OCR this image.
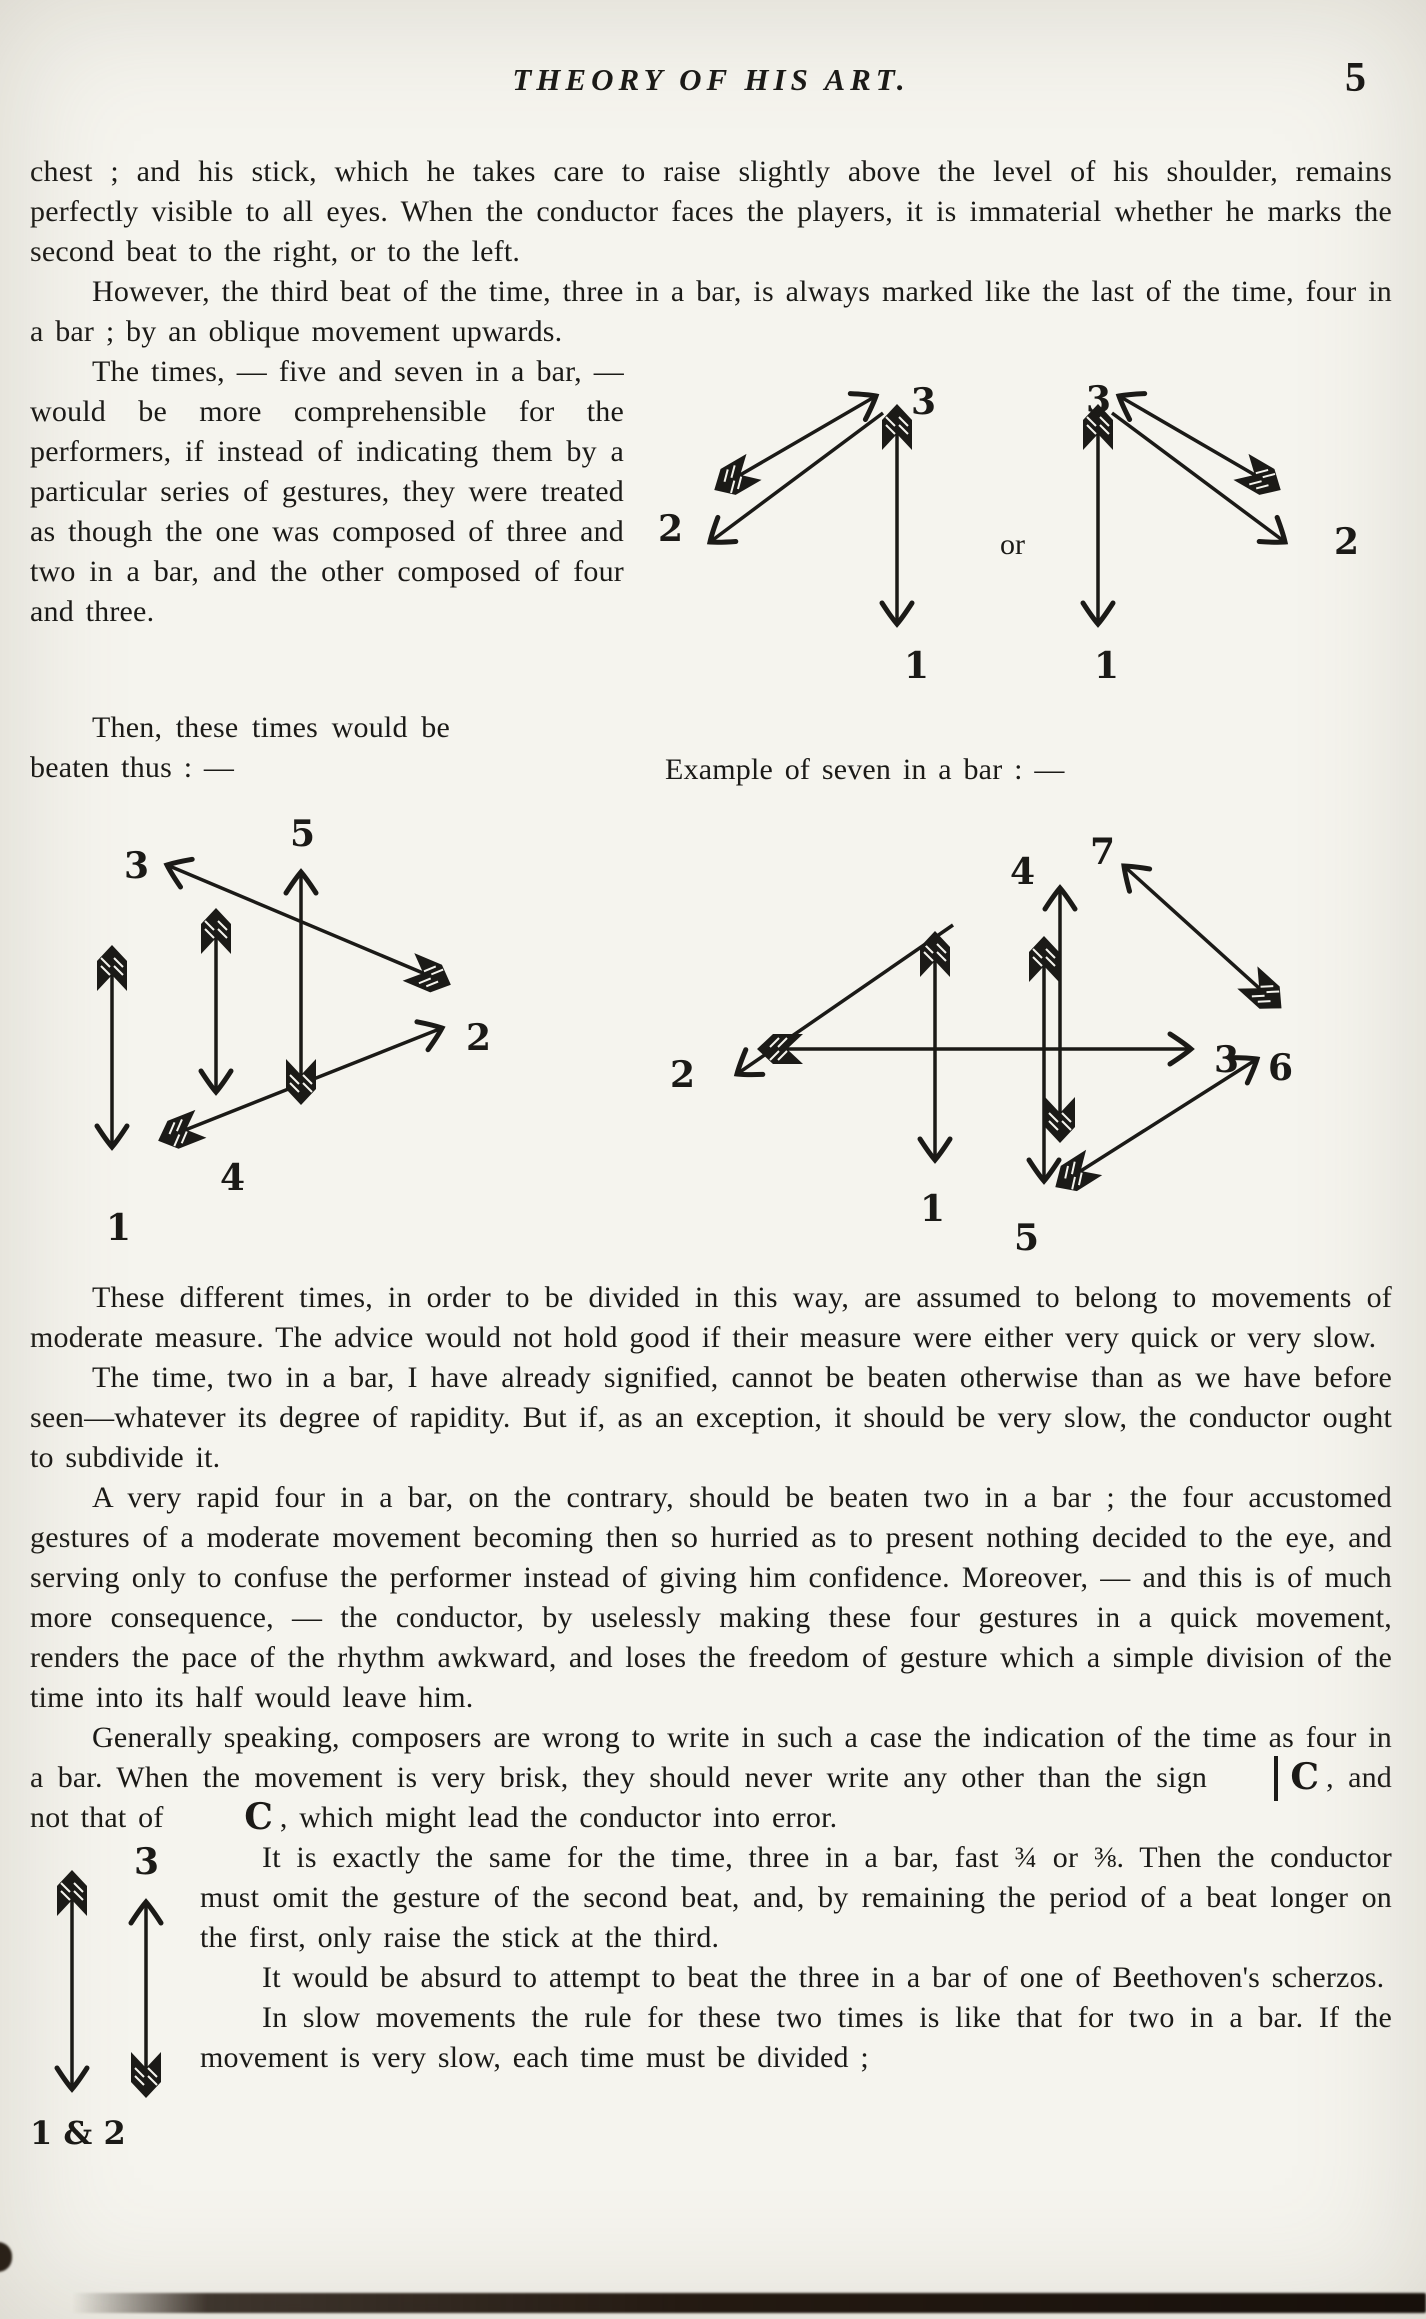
THEORY OF HIS ART.	5

chest ; and his stick, which he takes care to raise slightly above the level of his shoulder, remains perfectly visible to all eyes. When the conductor faces the players, it is immaterial whether he marks the second beat to the right, or to the left.

However, the third beat of the time, three in a bar, is always marked like the last of the time, four in a bar ; by an oblique movement upwards.

1
2
3
or
1
2
3

The times, — five and seven in a bar, — would be more comprehensible for the performers, if instead of indicating them by a particular series of gestures, they were treated as though the one was composed of three and two in a bar, and the other composed of four and three.

Then, these times would be beaten thus : —	Example of seven in a bar : —

1
2
3
4
5
1
2	3
4
5
6
7

These different times, in order to be divided in this way, are assumed to belong to movements of moderate measure. The advice would not hold good if their measure were either very quick or very slow.

The time, two in a bar, I have already signified, cannot be beaten otherwise than as we have before seen—whatever its degree of rapidity. But if, as an exception, it should be very slow, the conductor ought to subdivide it.

A very rapid four in a bar, on the contrary, should be beaten two in a bar ; the four accustomed gestures of a moderate movement becoming then so hurried as to present nothing decided to the eye, and serving only to confuse the performer instead of giving him confidence. Moreover, — and this is of much more consequence, — the conductor, by uselessly making these four gestures in a quick movement, renders the pace of the rhythm awkward, and loses the freedom of gesture which a simple division of the time into its half would leave him.

Generally speaking, composers are wrong to write in such a case the indication of the time as four in a bar. When the movement is very brisk, they should never write any other than the sign C , and not that of C , which might lead the conductor into error.

3
1 & 2

It is exactly the same for the time, three in a bar, fast ¾ or ⅜. Then the conductor must omit the gesture of the second beat, and, by remaining the period of a beat longer on the first, only raise the stick at the third.

It would be absurd to attempt to beat the three in a bar of one of Beethoven's scherzos.

In slow movements the rule for these two times is like that for two in a bar. If the movement is very slow, each time must be divided ;
